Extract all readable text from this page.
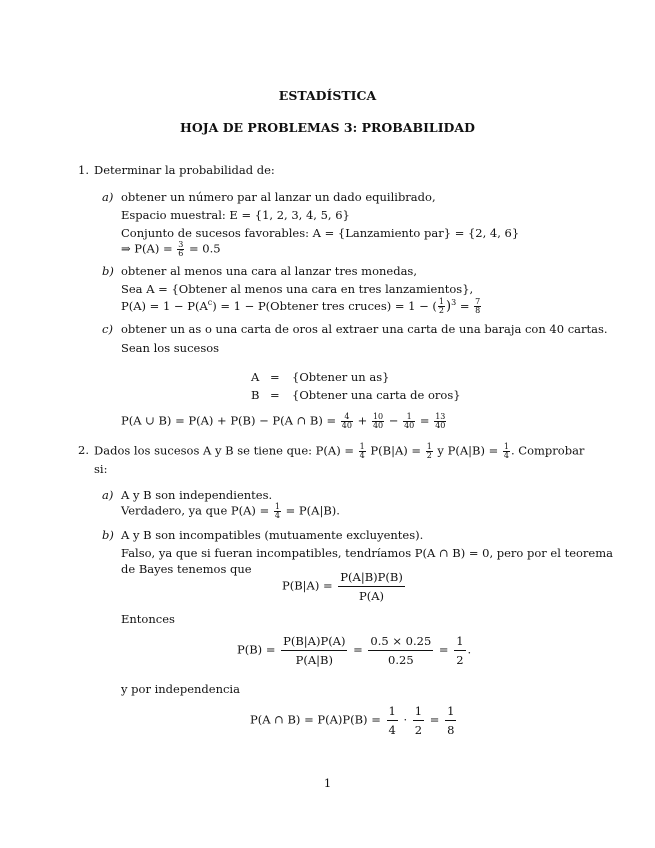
ESTADÍSTICA
HOJA DE PROBLEMAS 3: PROBABILIDAD
1. Determinar la probabilidad de:
a) obtener un número par al lanzar un dado equilibrado,
Espacio muestral: E = {1, 2, 3, 4, 5, 6}
Conjunto de sucesos favorables: A = {Lanzamiento par} = {2, 4, 6}
⇒ $P(A) = \frac{3}{6} = 0.5$
b) obtener al menos una cara al lanzar tres monedas,
Sea A = {Obtener al menos una cara en tres lanzamientos},
$P(A) = 1 - P(A^c) = 1$ − P(Obtener tres cruces) = 1 − ( $\frac{1}{2} )^3 = \frac{7}{8}$
c) obtener un as o una carta de oros al extraer una carta de una baraja con 40 cartas.
Sean los sucesos
A = {Obtener un as}
B = {Obtener una carta de oros}
P(A ∪ B) = P(A) + P(B) − P(A ∩ $B) = \frac{4}{40} + \frac{10}{40} - \frac{1}{40} = \frac{13}{40}$
2. Dados los sucesos A y B se tiene que: $P(A) = \frac{1}{4} P(B|A) = \frac{1}{2}$ y $P(A|B) = \frac{1}{4}$ . Comprobar
si:
a) A y B son independientes.
Verdadero, ya que $P(A) = \frac{1}{4} = P(A|B)$.
b) A y B son incompatibles (mutuamente excluyentes).
Falso, ya que si fueran incompatibles, tendríamos P(A ∩ B) = 0, pero por el teorema
de Bayes tenemos que
$P(B|A) = \frac{P(A|B)P(B)}{P(A)}$
Entonces
$P(B) = \frac{P(B|A)P(A)}{P(A|B)} = \frac{0.5 \times 0.25}{0.25} = \frac{1}{2}$ .
y por independencia
P(A ∩ $B) = P(A)P(B) = \frac{1}{4} \cdot \frac{1}{2} = \frac{1}{8}$
1
